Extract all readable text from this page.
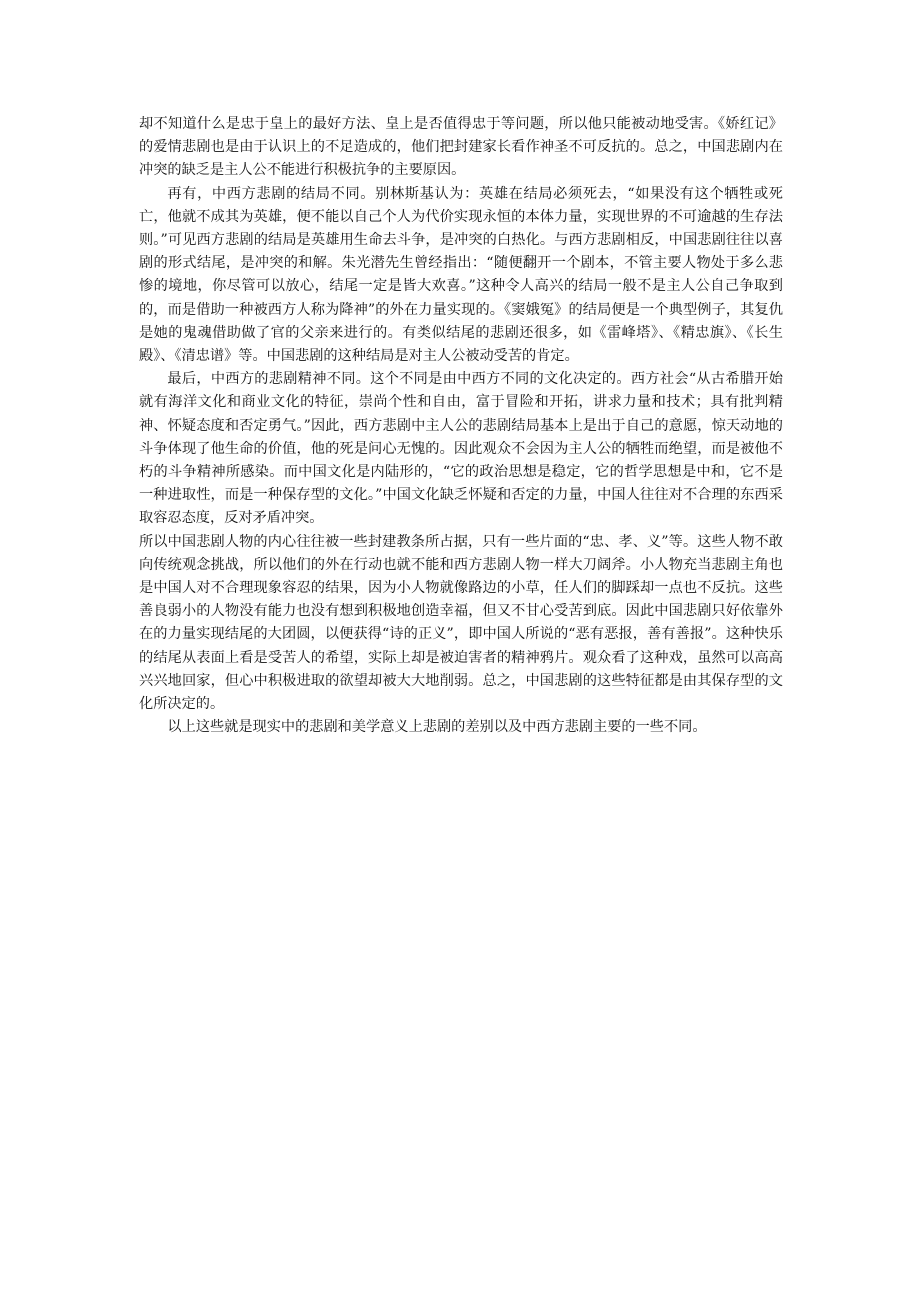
却不知道什么是忠于皇上的最好方法、皇上是否值得忠于等问题，所以他只能被动地受害。《娇红记》的爱情悲剧也是由于认识上的不足造成的，他们把封建家长看作神圣不可反抗的。总之，中国悲剧内在冲突的缺乏是主人公不能进行积极抗争的主要原因。

再有，中西方悲剧的结局不同。别林斯基认为：英雄在结局必须死去，“如果没有这个牺牲或死亡，他就不成其为英雄，便不能以自己个人为代价实现永恒的本体力量，实现世界的不可逾越的生存法则。”可见西方悲剧的结局是英雄用生命去斗争，是冲突的白热化。与西方悲剧相反，中国悲剧往往以喜剧的形式结尾，是冲突的和解。朱光潜先生曾经指出：“随便翻开一个剧本，不管主要人物处于多么悲惨的境地，你尽管可以放心，结尾一定是皆大欢喜。”这种令人高兴的结局一般不是主人公自己争取到的，而是借助一种被西方人称为降神”的外在力量实现的。《窦娥冤》的结局便是一个典型例子，其复仇是她的鬼魂借助做了官的父亲来进行的。有类似结尾的悲剧还很多，如《雷峰塔》、《精忠旗》、《长生殿》、《清忠谱》等。中国悲剧的这种结局是对主人公被动受苦的肯定。

最后，中西方的悲剧精神不同。这个不同是由中西方不同的文化决定的。西方社会“从古希腊开始就有海洋文化和商业文化的特征，崇尚个性和自由，富于冒险和开拓，讲求力量和技术；具有批判精神、怀疑态度和否定勇气。”因此，西方悲剧中主人公的悲剧结局基本上是出于自己的意愿，惊天动地的斗争体现了他生命的价值，他的死是问心无愧的。因此观众不会因为主人公的牺牲而绝望，而是被他不朽的斗争精神所感染。而中国文化是内陆形的，“它的政治思想是稳定，它的哲学思想是中和，它不是一种进取性，而是一种保存型的文化。”中国文化缺乏怀疑和否定的力量，中国人往往对不合理的东西采取容忍态度，反对矛盾冲突。

所以中国悲剧人物的内心往往被一些封建教条所占据，只有一些片面的“忠、孝、义”等。这些人物不敢向传统观念挑战，所以他们的外在行动也就不能和西方悲剧人物一样大刀阔斧。小人物充当悲剧主角也是中国人对不合理现象容忍的结果，因为小人物就像路边的小草，任人们的脚踩却一点也不反抗。这些善良弱小的人物没有能力也没有想到积极地创造幸福，但又不甘心受苦到底。因此中国悲剧只好依靠外在的力量实现结尾的大团圆，以便获得“诗的正义”，即中国人所说的“恶有恶报，善有善报”。这种快乐的结尾从表面上看是受苦人的希望，实际上却是被迫害者的精神鸦片。观众看了这种戏，虽然可以高高兴兴地回家，但心中积极进取的欲望却被大大地削弱。总之，中国悲剧的这些特征都是由其保存型的文化所决定的。

以上这些就是现实中的悲剧和美学意义上悲剧的差别以及中西方悲剧主要的一些不同。
